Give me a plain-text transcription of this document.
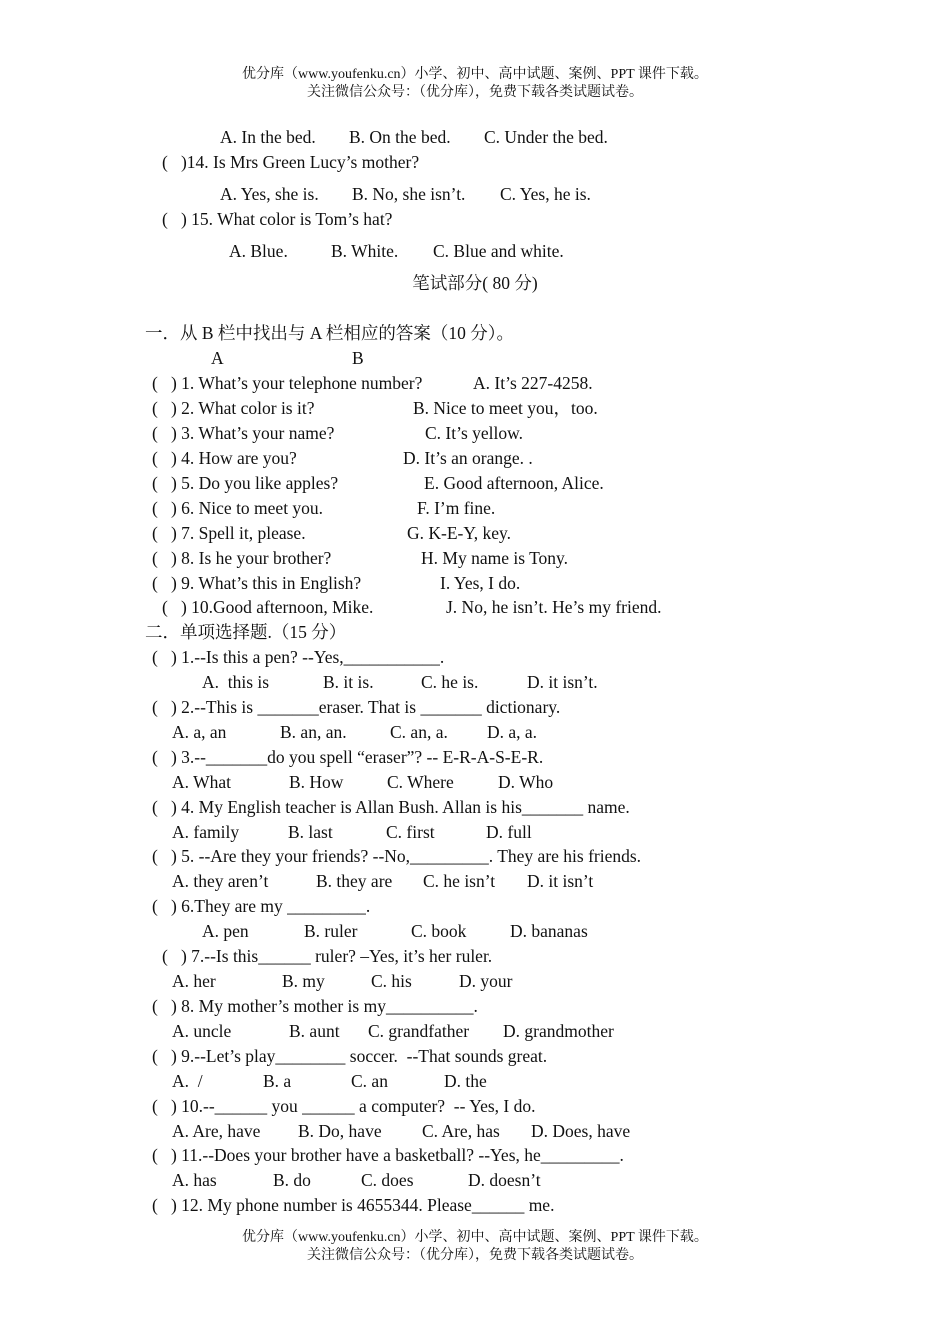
优分库（www.youfenku.cn）小学、初中、高中试题、案例、PPT 课件下载。
关注微信公众号：（优分库），免费下载各类试题试卷。
A. In the bed. B. On the bed. C. Under the bed.
(   )14. Is Mrs Green Lucy’s mother?
A. Yes, she is. B. No, she isn’t. C. Yes, he is.
(   ) 15. What color is Tom’s hat?
A. Blue. B. White. C. Blue and white.
笔试部分( 80 分)
一．从 B 栏中找出与 A 栏相应的答案（10 分）。
A	B
(   ) 1. What’s your telephone number?	A. It’s 227-4258.
(   ) 2. What color is it?	B. Nice to meet you，too.
(   ) 3. What’s your name?	C. It’s yellow.
(   ) 4. How are you?	D. It’s an orange. .
(   ) 5. Do you like apples?	E. Good afternoon, Alice.
(   ) 6. Nice to meet you.	F. I’m fine.
(   ) 7. Spell it, please.	G. K-E-Y, key.
(   ) 8. Is he your brother?	H. My name is Tony.
(   ) 9. What’s this in English?	I. Yes, I do.
(   ) 10.Good afternoon, Mike.	J. No, he isn’t. He’s my friend.
二．单项选择题.（15 分）
(   ) 1.--Is this a pen? --Yes,___________.
A.  this is	B. it is.	C. he is.	D. it isn’t.
(   ) 2.--This is _______eraser. That is _______ dictionary.
A. a, an	B. an, an. C. an, a. D. a, a.
(   ) 3.--_______do you spell “eraser”? -- E-R-A-S-E-R.
A. What	B. How C. Where	D. Who
(   ) 4. My English teacher is Allan Bush. Allan is his_______ name.
A. family	B. last	C. first	D. full
(   ) 5. --Are they your friends? --No,_________. They are his friends.
A. they aren’t	B. they are C. he isn’t D. it isn’t
(   ) 6.They are my _________.
A. pen	B. ruler	C. book D. bananas
(   ) 7.--Is this______ ruler? –Yes, it’s her ruler.
A. her	B. my	C. his	D. your
(   ) 8. My mother’s mother is my__________.
A. uncle	B. aunt C. grandfather D. grandmother
(   ) 9.--Let’s play________ soccer.  --That sounds great.
A.  /	B. a	C. an	D. the
(   ) 10.--______ you ______ a computer?  -- Yes, I do.
A. Are, have B. Do, have C. Are, has D. Does, have
(   ) 11.--Does your brother have a basketball? --Yes, he_________.
A. has	B. do	C. does	D. doesn’t
(   ) 12. My phone number is 4655344. Please______ me.
优分库（www.youfenku.cn）小学、初中、高中试题、案例、PPT 课件下载。
关注微信公众号：（优分库），免费下载各类试题试卷。
